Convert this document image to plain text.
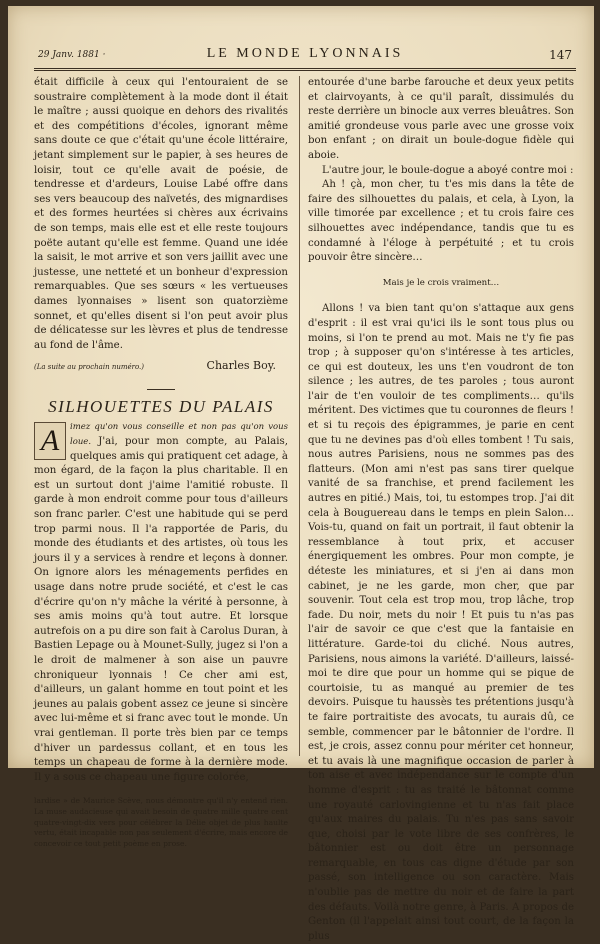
29 Janv. 1881 ·	LE MONDE LYONNAIS	147

était difficile à ceux qui l'entouraient de se soustraire complètement à la mode dont il était le maître ; aussi quoique en dehors des rivalités et des compétitions d'écoles, ignorant même sans doute ce que c'était qu'une école littéraire, jetant simplement sur le papier, à ses heures de loisir, tout ce qu'elle avait de poésie, de tendresse et d'ardeurs, Louise Labé offre dans ses vers beaucoup des naïvetés, des mignardises et des formes heurtées si chères aux écrivains de son temps, mais elle est et elle reste toujours poëte autant qu'elle est femme. Quand une idée la saisit, le mot arrive et son vers jaillit avec une justesse, une netteté et un bonheur d'expression remarquables. Que ses sœurs « les vertueuses dames lyonnaises » lisent son quatorzième sonnet, et qu'elles disent si l'on peut avoir plus de délicatesse sur les lèvres et plus de tendresse au fond de l'âme.

(La suite au prochain numéro.)	Charles Boy.
SILHOUETTES DU PALAIS

A	imez qu'on vous conseille et non pas qu'on vous loue. J'ai, pour mon compte, au Palais, quelques amis qui pratiquent cet adage, à mon égard, de la façon la plus charitable. Il en est un surtout dont j'aime l'amitié robuste. Il garde à mon endroit comme pour tous d'ailleurs son franc parler. C'est une habitude qui se perd trop parmi nous. Il l'a rapportée de Paris, du monde des étudiants et des artistes, où tous les jours il y a services à rendre et leçons à donner. On ignore alors les ménagements perfides en usage dans notre prude société, et c'est le cas d'écrire qu'on n'y mâche la vérité à personne, à ses amis moins qu'à tout autre. Et lorsque autrefois on a pu dire son fait à Carolus Duran, à Bastien Lepage ou à Mounet-Sully, jugez si l'on a le droit de malmener à son aise un pauvre chroniqueur lyonnais ! Ce cher ami est, d'ailleurs, un galant homme en tout point et les jeunes au palais gobent assez ce jeune si sincère avec lui-même et si franc avec tout le monde. Un vrai gentleman. Il porte très bien par ce temps d'hiver un pardessus collant, et en tous les temps un chapeau de forme à la dernière mode. Il y a sous ce chapeau une figure colorée,

lardise » de Maurice Scève, nous démontre qu'il n'y entend rien. La muse audacieuse qui avait besoin de quatre mille quatre cent quatre-vingt-dix vers pour célébrer la Délie objet de plus haulte vertu, était incapable non pas seulement d'écrire, mais encore de concevoir ce tout petit poème en prose.

entourée d'une barbe farouche et deux yeux petits et clairvoyants, à ce qu'il paraît, dissimulés du reste derrière un binocle aux verres bleuâtres. Son amitié grondeuse vous parle avec une grosse voix bon enfant ; on dirait un boule-dogue fidèle qui aboie.

L'autre jour, le boule-dogue a aboyé contre moi :

Ah ! çà, mon cher, tu t'es mis dans la tête de faire des silhouettes du palais, et cela, à Lyon, la ville timorée par excellence ; et tu crois faire ces silhouettes avec indépendance, tandis que tu es condamné à l'éloge à perpétuité ; et tu crois pouvoir être sincère…

Mais je le crois vraiment…

Allons ! va bien tant qu'on s'attaque aux gens d'esprit : il est vrai qu'ici ils le sont tous plus ou moins, si l'on te prend au mot. Mais ne t'y fie pas trop ; à supposer qu'on s'intéresse à tes articles, ce qui est douteux, les uns t'en voudront de ton silence ; les autres, de tes paroles ; tous auront l'air de t'en vouloir de tes compliments… qu'ils méritent. Des victimes que tu couronnes de fleurs ! et si tu reçois des épigrammes, je parie en cent que tu ne devines pas d'où elles tombent ! Tu sais, nous autres Parisiens, nous ne sommes pas des flatteurs. (Mon ami n'est pas sans tirer quelque vanité de sa franchise, et prend facilement les autres en pitié.) Mais, toi, tu estompes trop. J'ai dit cela à Bouguereau dans le temps en plein Salon… Vois-tu, quand on fait un portrait, il faut obtenir la ressemblance à tout prix, et accuser énergiquement les ombres. Pour mon compte, je déteste les miniatures, et si j'en ai dans mon cabinet, je ne les garde, mon cher, que par souvenir. Tout cela est trop mou, trop lâche, trop fade. Du noir, mets du noir ! Et puis tu n'as pas l'air de savoir ce que c'est que la fantaisie en littérature. Garde-toi du cliché. Nous autres, Parisiens, nous aimons la variété. D'ailleurs, laissé-moi te dire que pour un homme qui se pique de courtoisie, tu as manqué au premier de tes devoirs. Puisque tu haussès tes prétentions jusqu'à te faire portraitiste des avocats, tu aurais dû, ce semble, commencer par le bâtonnier de l'ordre. Il est, je crois, assez connu pour mériter cet honneur, et tu avais là une magnifique occasion de parler à ton aise et avec indépendance sur le compte d'un homme d'esprit : tu as traité le bâtonnat comme une royauté carlovingienne et tu n'as fait place qu'aux maires du palais. Tu n'es pas sans savoir que, choisi par le vote libre de ses confrères, le bâtonnier est ou doit être un personnage remarquable, en tous cas digne d'étude par son passé, son intelligence ou son caractère. Mais n'oublie pas de mettre du noir et de faire la part des défauts. Voilà notre genre, à Paris. A propos de Genton (il l'appelait ainsi tout court, de la façon la plus
